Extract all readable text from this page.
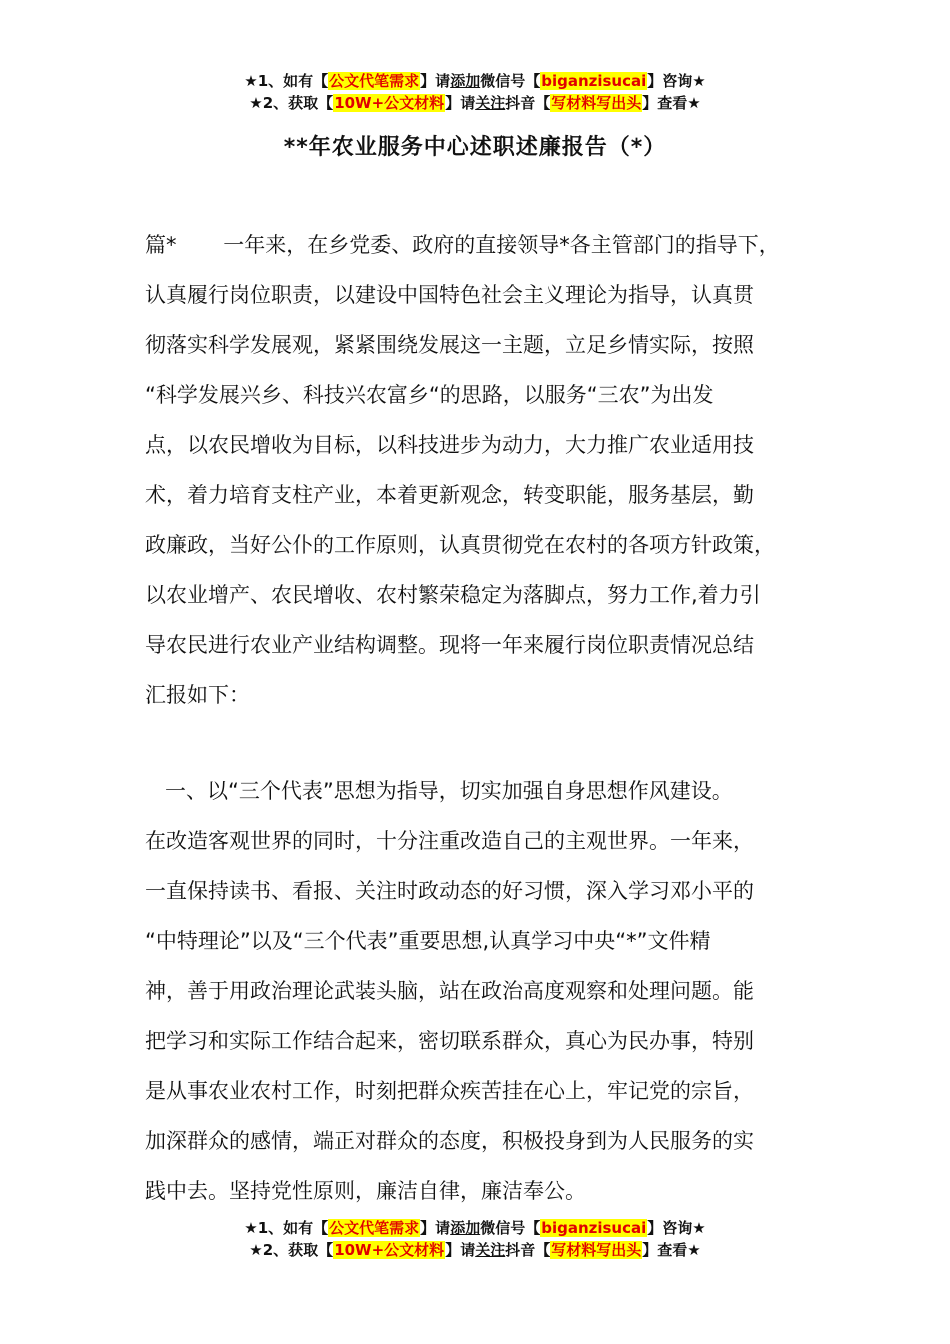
★1、如有【公文代笔需求】请添加微信号【biganzisucai】咨询★
★2、获取【10W+公文材料】请关注抖音【写材料写出头】查看★
**年农业服务中心述职述廉报告（*）

篇*       一年来，在乡党委、政府的直接领导*各主管部门的指导下，

认真履行岗位职责，以建设中国特色社会主义理论为指导，认真贯

彻落实科学发展观，紧紧围绕发展这一主题，立足乡情实际，按照

“科学发展兴乡、科技兴农富乡“的思路，以服务“三农”为出发

点，以农民增收为目标，以科技进步为动力，大力推广农业适用技

术，着力培育支柱产业，本着更新观念，转变职能，服务基层，勤

政廉政，当好公仆的工作原则，认真贯彻党在农村的各项方针政策，

以农业增产、农民增收、农村繁荣稳定为落脚点，努力工作,着力引

导农民进行农业产业结构调整。现将一年来履行岗位职责情况总结

汇报如下：

一、以“三个代表”思想为指导，切实加强自身思想作风建设。

在改造客观世界的同时，十分注重改造自己的主观世界。一年来，

一直保持读书、看报、关注时政动态的好习惯，深入学习邓小平的

“中特理论”以及“三个代表”重要思想,认真学习中央“*”文件精

神，善于用政治理论武装头脑，站在政治高度观察和处理问题。能

把学习和实际工作结合起来，密切联系群众，真心为民办事，特别

是从事农业农村工作，时刻把群众疾苦挂在心上，牢记党的宗旨，

加深群众的感情，端正对群众的态度，积极投身到为人民服务的实

践中去。坚持党性原则，廉洁自律，廉洁奉公。

★1、如有【公文代笔需求】请添加微信号【biganzisucai】咨询★
★2、获取【10W+公文材料】请关注抖音【写材料写出头】查看★
